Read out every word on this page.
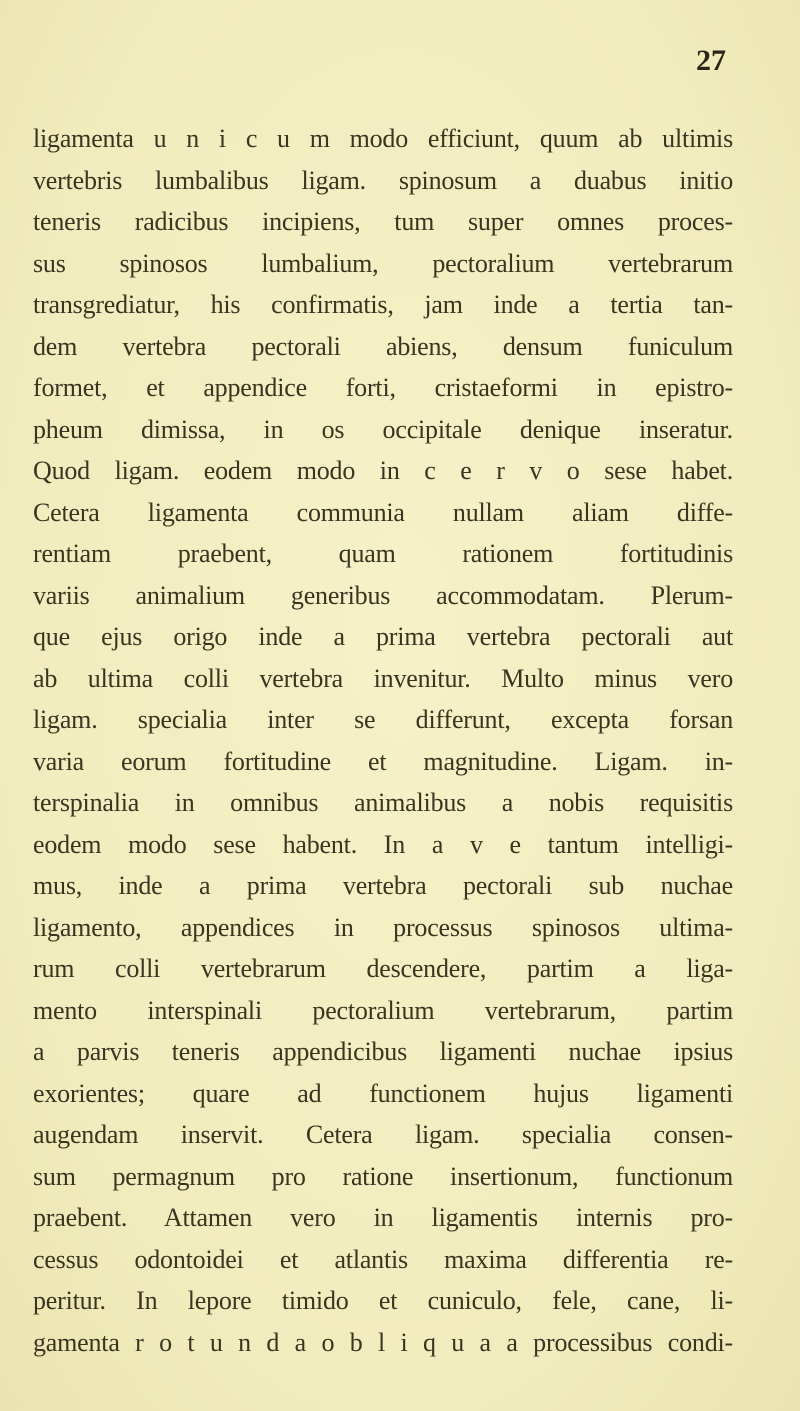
27
ligamenta u n i c u m modo efficiunt, quum ab ultimis
vertebris lumbalibus ligam. spinosum a duabus initio
teneris radicibus incipiens, tum super omnes proces-
sus spinosos lumbalium, pectoralium vertebrarum
transgrediatur, his confirmatis, jam inde a tertia tan-
dem vertebra pectorali abiens, densum funiculum
formet, et appendice forti, cristaeformi in epistro-
pheum dimissa, in os occipitale denique inseratur.
Quod ligam. eodem modo in c e r v o sese habet.
Cetera ligamenta communia nullam aliam diffe-
rentiam praebent, quam rationem fortitudinis
variis animalium generibus accommodatam. Plerum-
que ejus origo inde a prima vertebra pectorali aut
ab ultima colli vertebra invenitur. Multo minus vero
ligam. specialia inter se differunt, excepta forsan
varia eorum fortitudine et magnitudine. Ligam. in-
terspinalia in omnibus animalibus a nobis requisitis
eodem modo sese habent. In a v e tantum intelligi-
mus, inde a prima vertebra pectorali sub nuchae
ligamento, appendices in processus spinosos ultima-
rum colli vertebrarum descendere, partim a liga-
mento interspinali pectoralium vertebrarum, partim
a parvis teneris appendicibus ligamenti nuchae ipsius
exorientes; quare ad functionem hujus ligamenti
augendam inservit. Cetera ligam. specialia consen-
sum permagnum pro ratione insertionum, functionum
praebent. Attamen vero in ligamentis internis pro-
cessus odontoidei et atlantis maxima differentia re-
peritur. In lepore timido et cuniculo, fele, cane, li-
gamenta r o t u n d a o b l i q u a a processibus condi-
